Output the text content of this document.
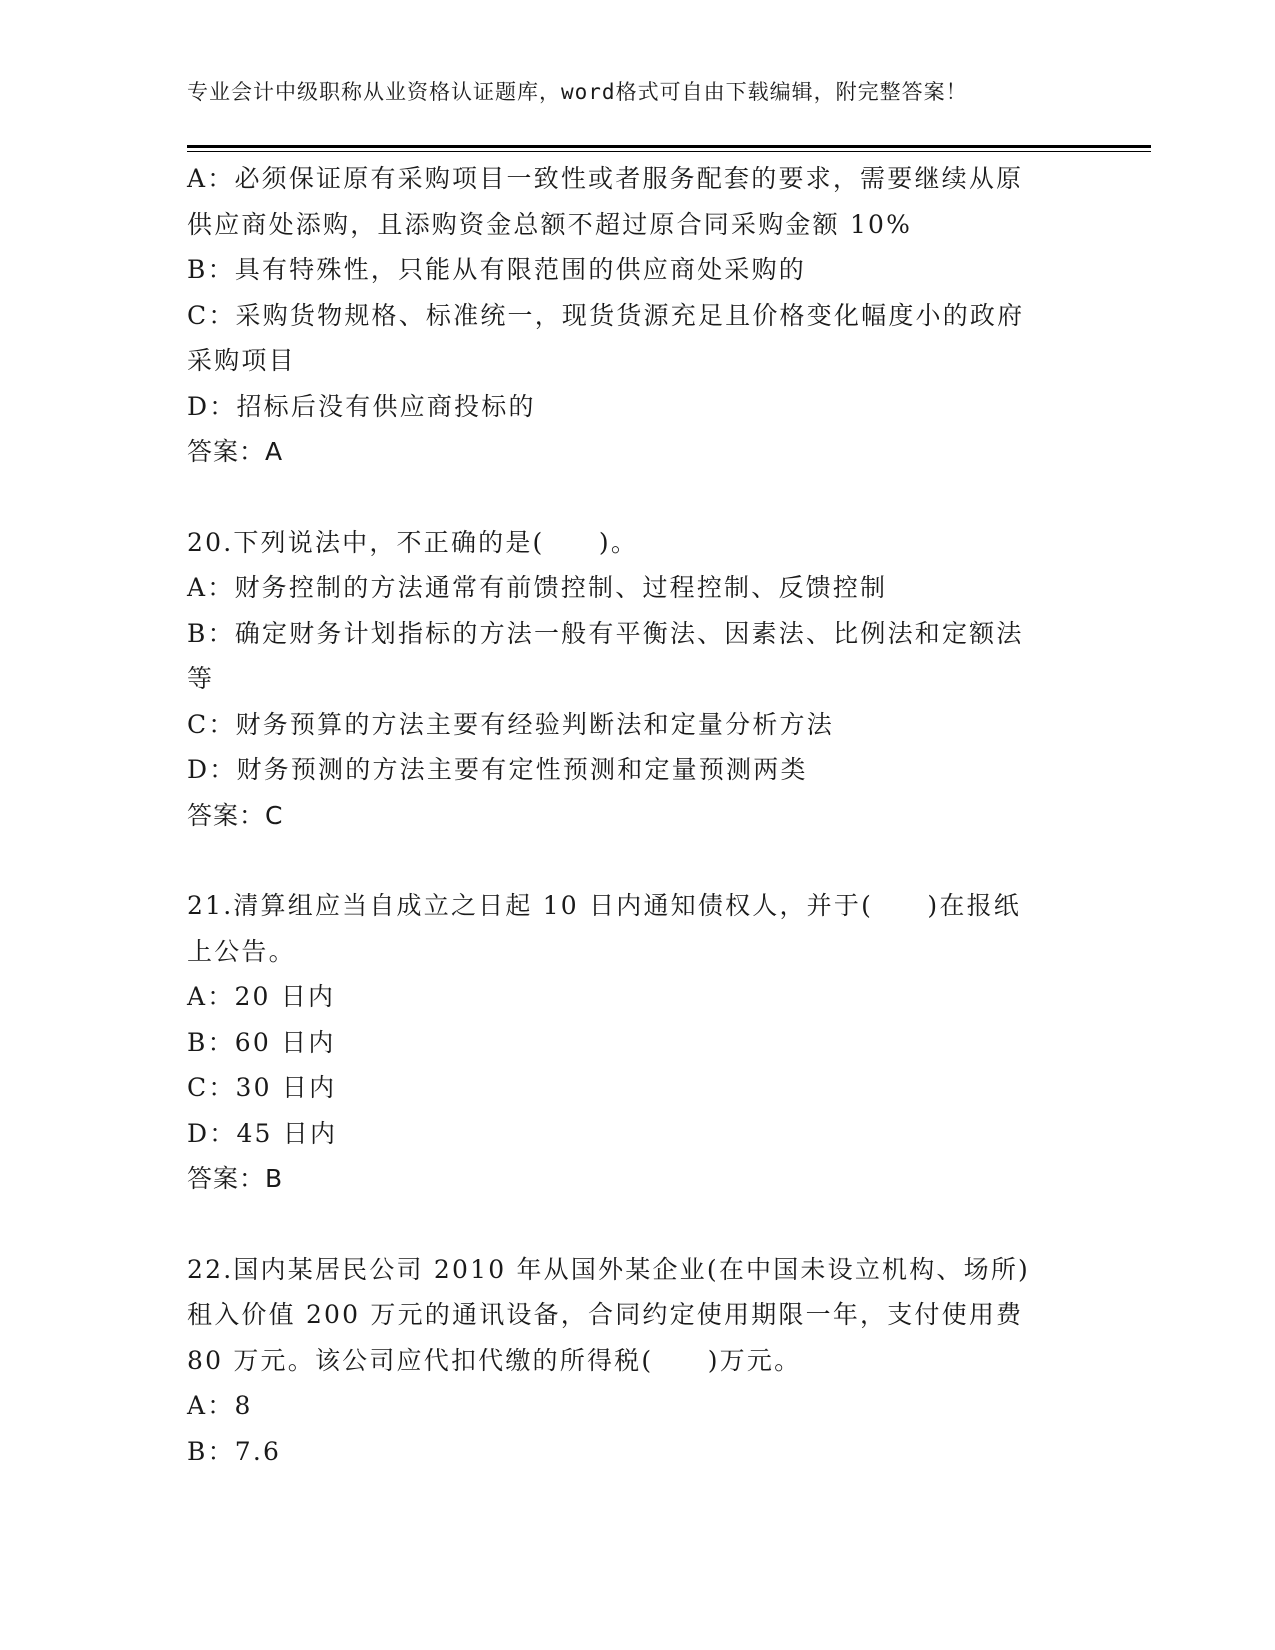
专业会计中级职称从业资格认证题库，word格式可自由下载编辑，附完整答案！
A：必须保证原有采购项目一致性或者服务配套的要求，需要继续从原
供应商处添购，且添购资金总额不超过原合同采购金额 10%
B：具有特殊性，只能从有限范围的供应商处采购的
C：采购货物规格、标准统一，现货货源充足且价格变化幅度小的政府
采购项目
D：招标后没有供应商投标的
答案：A
20.下列说法中，不正确的是(　　)。
A：财务控制的方法通常有前馈控制、过程控制、反馈控制
B：确定财务计划指标的方法一般有平衡法、因素法、比例法和定额法
等
C：财务预算的方法主要有经验判断法和定量分析方法
D：财务预测的方法主要有定性预测和定量预测两类
答案：C
21.清算组应当自成立之日起 10 日内通知债权人，并于(　　)在报纸
上公告。
A：20 日内
B：60 日内
C：30 日内
D：45 日内
答案：B
22.国内某居民公司 2010 年从国外某企业(在中国未设立机构、场所)
租入价值 200 万元的通讯设备，合同约定使用期限一年，支付使用费
80 万元。该公司应代扣代缴的所得税(　　)万元。
A：8
B：7.6
